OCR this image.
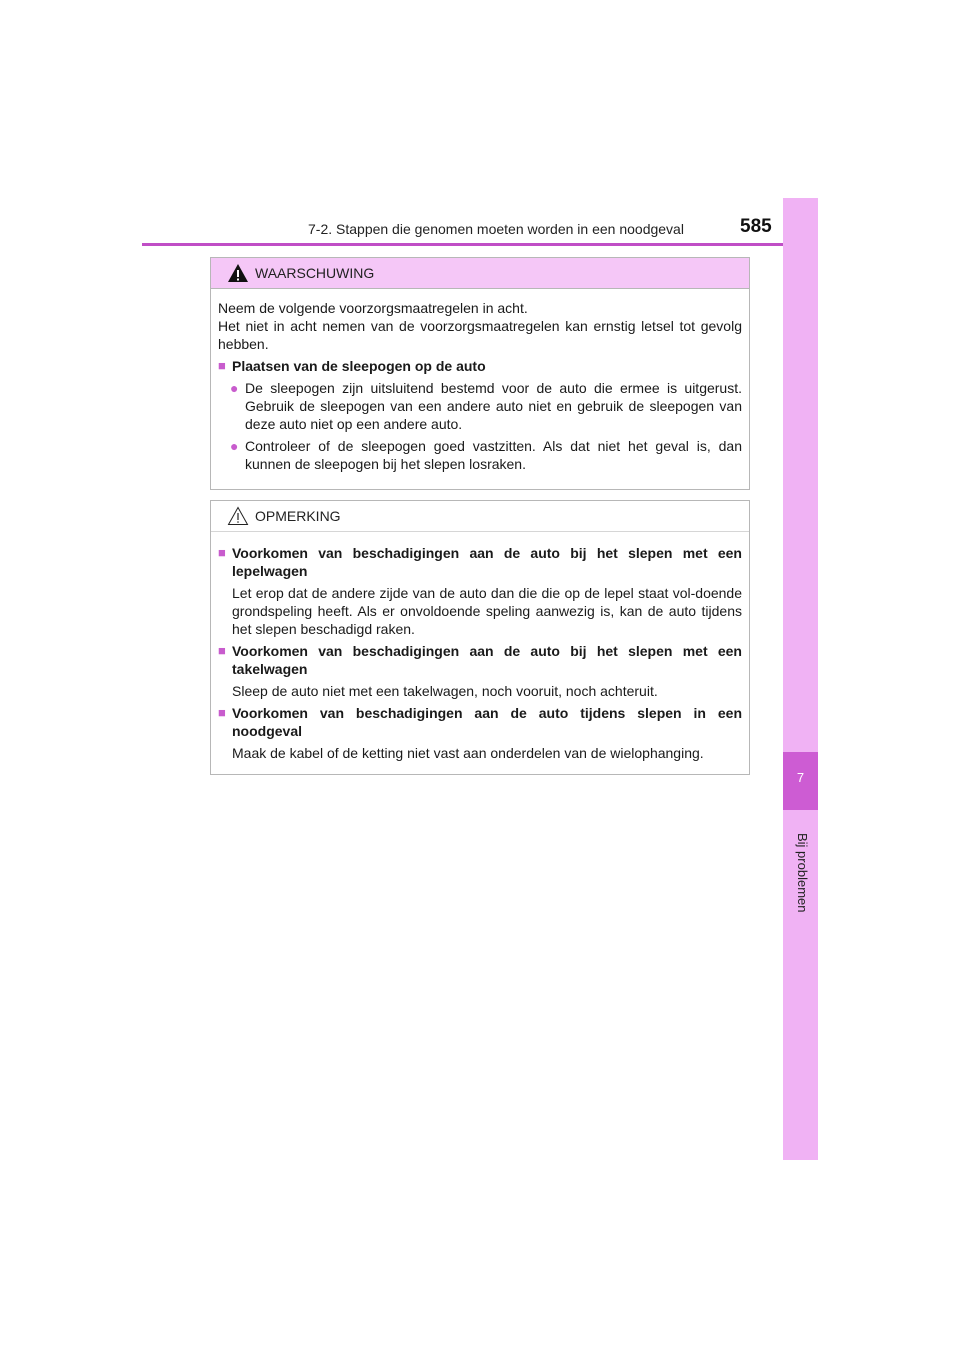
7-2. Stappen die genomen moeten worden in een noodgeval	585
7
Bij problemen
WAARSCHUWING
Neem de volgende voorzorgsmaatregelen in acht.
Het niet in acht nemen van de voorzorgsmaatregelen kan ernstig letsel tot gevolg hebben.
■ Plaatsen van de sleepogen op de auto
● De sleepogen zijn uitsluitend bestemd voor de auto die ermee is uitgerust. Gebruik de sleepogen van een andere auto niet en gebruik de sleepogen van deze auto niet op een andere auto.
● Controleer of de sleepogen goed vastzitten. Als dat niet het geval is, dan kunnen de sleepogen bij het slepen losraken.
OPMERKING
■ Voorkomen van beschadigingen aan de auto bij het slepen met een lepelwagen
Let erop dat de andere zijde van de auto dan die die op de lepel staat vol-doende grondspeling heeft. Als er onvoldoende speling aanwezig is, kan de auto tijdens het slepen beschadigd raken.
■ Voorkomen van beschadigingen aan de auto bij het slepen met een takelwagen
Sleep de auto niet met een takelwagen, noch vooruit, noch achteruit.
■ Voorkomen van beschadigingen aan de auto tijdens slepen in een noodgeval
Maak de kabel of de ketting niet vast aan onderdelen van de wielophanging.
